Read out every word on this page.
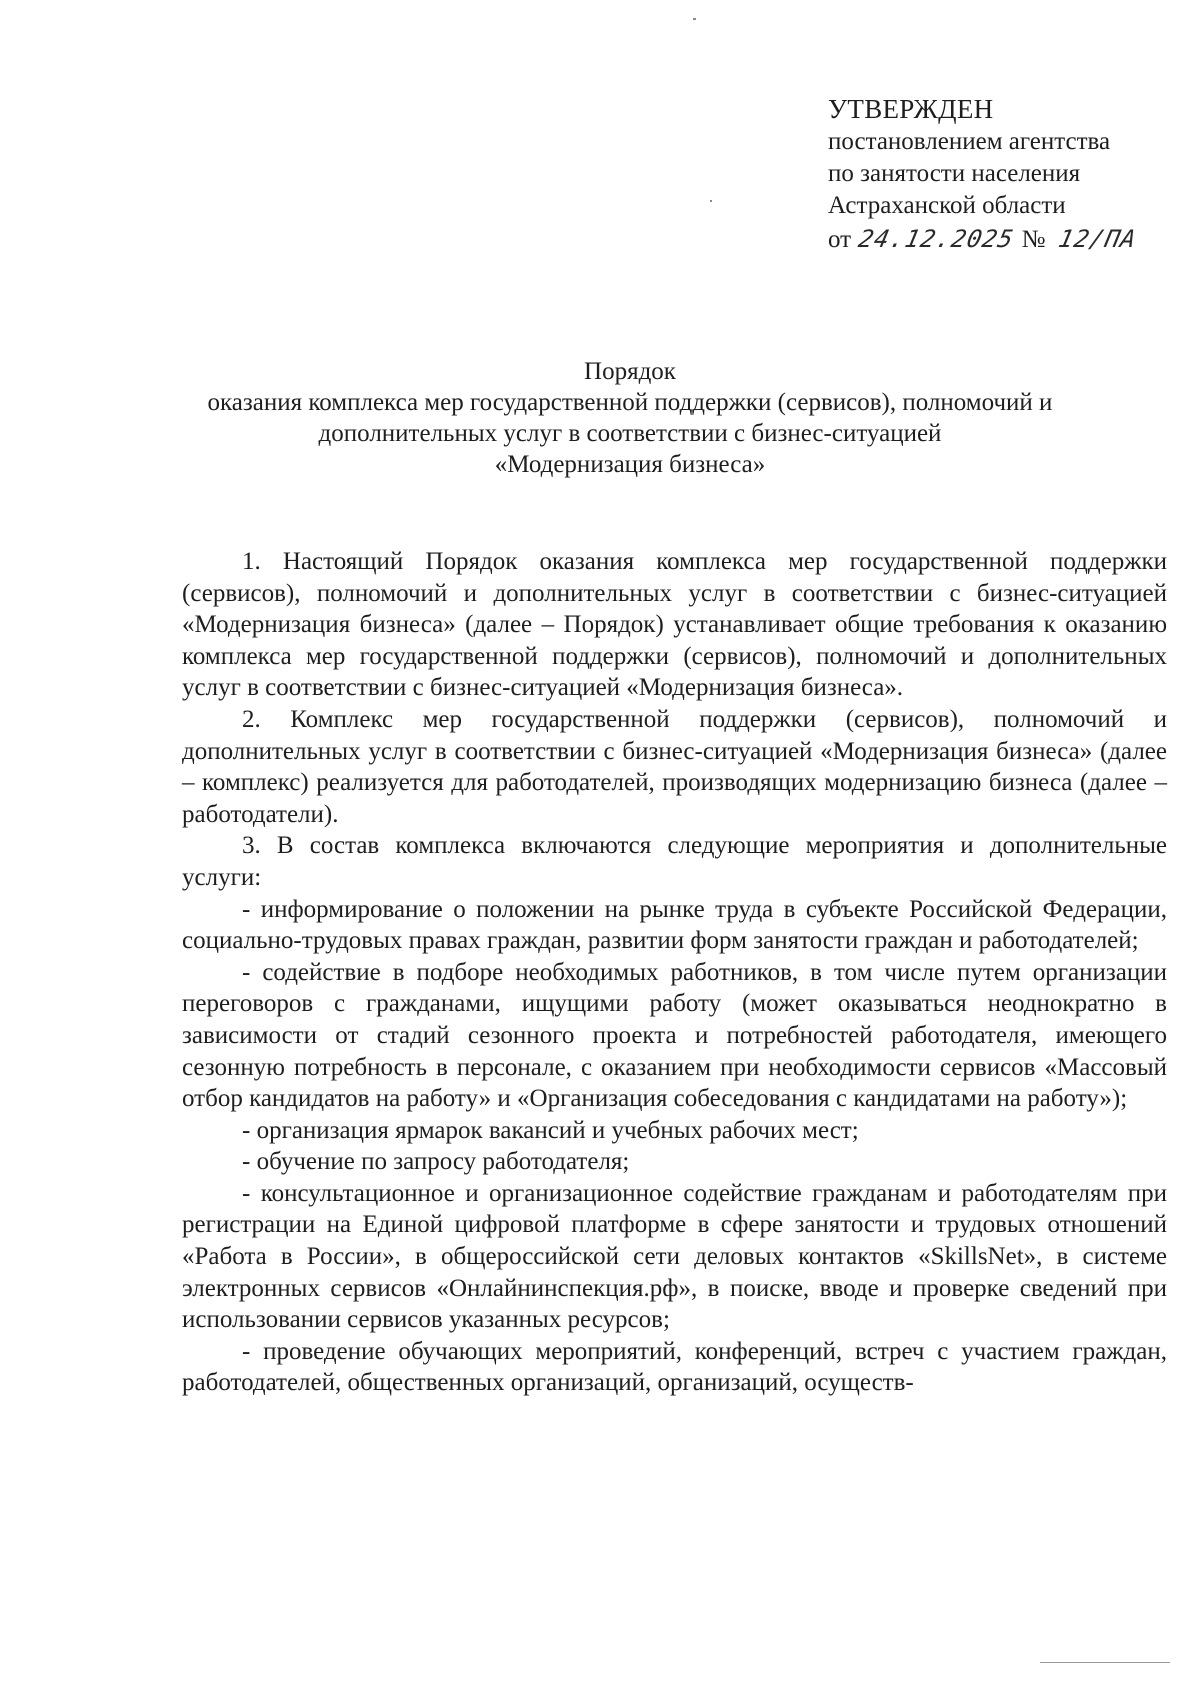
УТВЕРЖДЕН
постановлением агентства
по занятости населения
Астраханской области
от 24.12.2025 № 12/ПА
Порядок
оказания комплекса мер государственной поддержки (сервисов), полномочий и
дополнительных услуг в соответствии с бизнес-ситуацией
«Модернизация бизнеса»

1. Настоящий Порядок оказания комплекса мер государственной поддержки (сервисов), полномочий и дополнительных услуг в соответствии с бизнес-ситуацией «Модернизация бизнеса» (далее – Порядок) устанавливает общие требования к оказанию комплекса мер государственной поддержки (сервисов), полномочий и дополнительных услуг в соответствии с бизнес-ситуацией «Модернизация бизнеса».

2. Комплекс мер государственной поддержки (сервисов), полномочий и дополнительных услуг в соответствии с бизнес-ситуацией «Модернизация бизнеса» (далее – комплекс) реализуется для работодателей, производящих модернизацию бизнеса (далее – работодатели).

3. В состав комплекса включаются следующие мероприятия и дополнительные услуги:

- информирование о положении на рынке труда в субъекте Российской Федерации, социально-трудовых правах граждан, развитии форм занятости граждан и работодателей;

- содействие в подборе необходимых работников, в том числе путем организации переговоров с гражданами, ищущими работу (может оказываться неоднократно в зависимости от стадий сезонного проекта и потребностей работодателя, имеющего сезонную потребность в персонале, с оказанием при необходимости сервисов «Массовый отбор кандидатов на работу» и «Организация собеседования с кандидатами на работу»);

- организация ярмарок вакансий и учебных рабочих мест;

- обучение по запросу работодателя;

- консультационное и организационное содействие гражданам и работодателям при регистрации на Единой цифровой платформе в сфере занятости и трудовых отношений «Работа в России», в общероссийской сети деловых контактов «SkillsNet», в системе электронных сервисов «Онлайнинспекция.рф», в поиске, вводе и проверке сведений при использовании сервисов указанных ресурсов;

- проведение обучающих мероприятий, конференций, встреч с участием граждан, работодателей, общественных организаций, организаций, осуществ-
